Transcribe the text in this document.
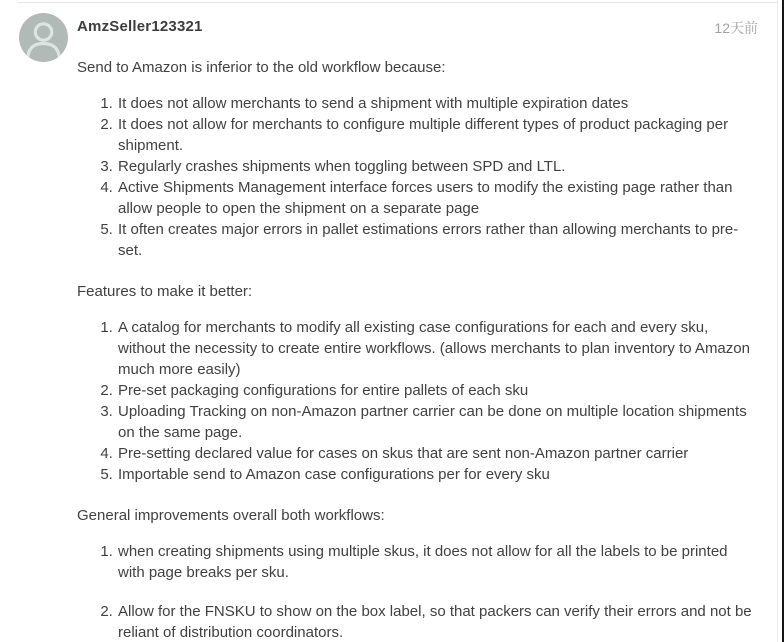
AmzSeller123321	12天前

Send to Amazon is inferior to the old workflow because:

1. It does not allow merchants to send a shipment with multiple expiration dates
2. It does not allow for merchants to configure multiple different types of product packaging per shipment.
3. Regularly crashes shipments when toggling between SPD and LTL.
4. Active Shipments Management interface forces users to modify the existing page rather than allow people to open the shipment on a separate page
5. It often creates major errors in pallet estimations errors rather than allowing merchants to pre-set.

Features to make it better:

1. A catalog for merchants to modify all existing case configurations for each and every sku, without the necessity to create entire workflows. (allows merchants to plan inventory to Amazon much more easily)
2. Pre-set packaging configurations for entire pallets of each sku
3. Uploading Tracking on non-Amazon partner carrier can be done on multiple location shipments on the same page.
4. Pre-setting declared value for cases on skus that are sent non-Amazon partner carrier
5. Importable send to Amazon case configurations per for every sku

General improvements overall both workflows:

1. when creating shipments using multiple skus, it does not allow for all the labels to be printed with page breaks per sku.
2. Allow for the FNSKU to show on the box label, so that packers can verify their errors and not be reliant of distribution coordinators.
